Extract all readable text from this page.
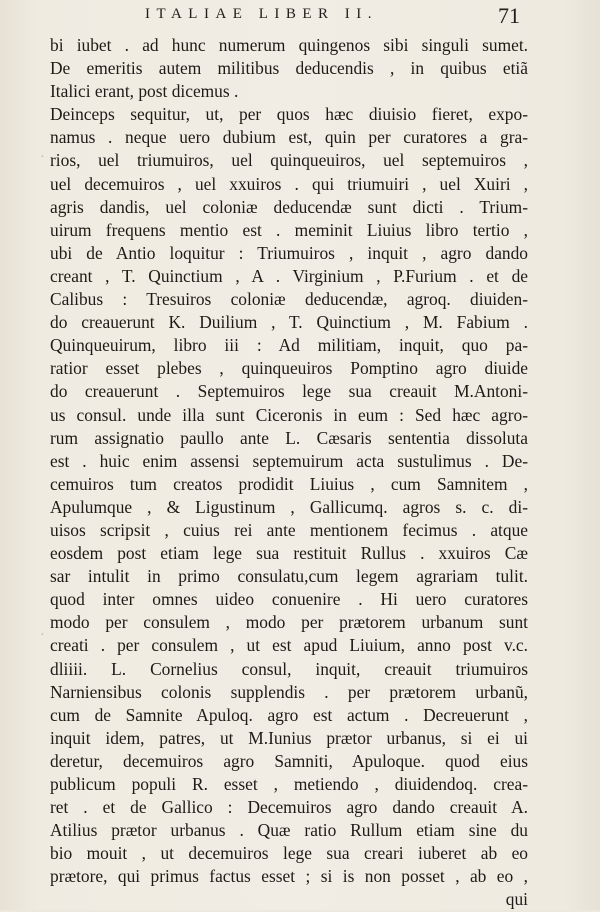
ITALIAE LIBER II.	71
bi iubet . ad hunc numerum quingenos sibi singuli sumet.
De emeritis autem militibus deducendis , in quibus etiã
Italici erant, post dicemus .
Deinceps sequitur, ut, per quos hæc diuisio fieret, expo-
namus . neque uero dubium est, quin per curatores a gra-
rios, uel triumuiros, uel quinqueuiros, uel septemuiros ,
uel decemuiros , uel xxuiros . qui triumuiri , uel Xuiri ,
agris dandis, uel coloniæ deducendæ sunt dicti . Trium-
uirum frequens mentio est . meminit Liuius libro tertio ,
ubi de Antio loquitur : Triumuiros , inquit , agro dando
creant , T. Quinctium , A . Virginium , P.Furium . et de
Calibus : Tresuiros coloniæ deducendæ, agroq. diuiden-
do creauerunt K. Duilium , T. Quinctium , M. Fabium .
Quinqueuirum, libro iii : Ad militiam, inquit, quo pa-
ratior esset plebes , quinqueuiros Pomptino agro diuide
do creauerunt . Septemuiros lege sua creauit M.Antoni-
us consul. unde illa sunt Ciceronis in eum : Sed hæc agro-
rum assignatio paullo ante L. Cæsaris sententia dissoluta
est . huic enim assensi septemuirum acta sustulimus . De-
cemuiros tum creatos prodidit Liuius , cum Samnitem ,
Apulumque , & Ligustinum , Gallicumq. agros s. c. di-
uisos scripsit , cuius rei ante mentionem fecimus . atque
eosdem post etiam lege sua restituit Rullus . xxuiros Cæ
sar intulit in primo consulatu,cum legem agrariam tulit.
quod inter omnes uideo conuenire . Hi uero curatores
modo per consulem , modo per prætorem urbanum sunt
creati . per consulem , ut est apud Liuium, anno post v.c.
dliiii. L. Cornelius consul, inquit, creauit triumuiros
Narniensibus colonis supplendis . per prætorem urbanũ,
cum de Samnite Apuloq. agro est actum . Decreuerunt ,
inquit idem, patres, ut M.Iunius prætor urbanus, si ei ui
deretur, decemuiros agro Samniti, Apuloque. quod eius
publicum populi R. esset , metiendo , diuidendoq. crea-
ret . et de Gallico : Decemuiros agro dando creauit A.
Atilius prætor urbanus . Quæ ratio Rullum etiam sine du
bio mouit , ut decemuiros lege sua creari iuberet ab eo
prætore, qui primus factus esset ; si is non posset , ab eo ,
qui
·
·
